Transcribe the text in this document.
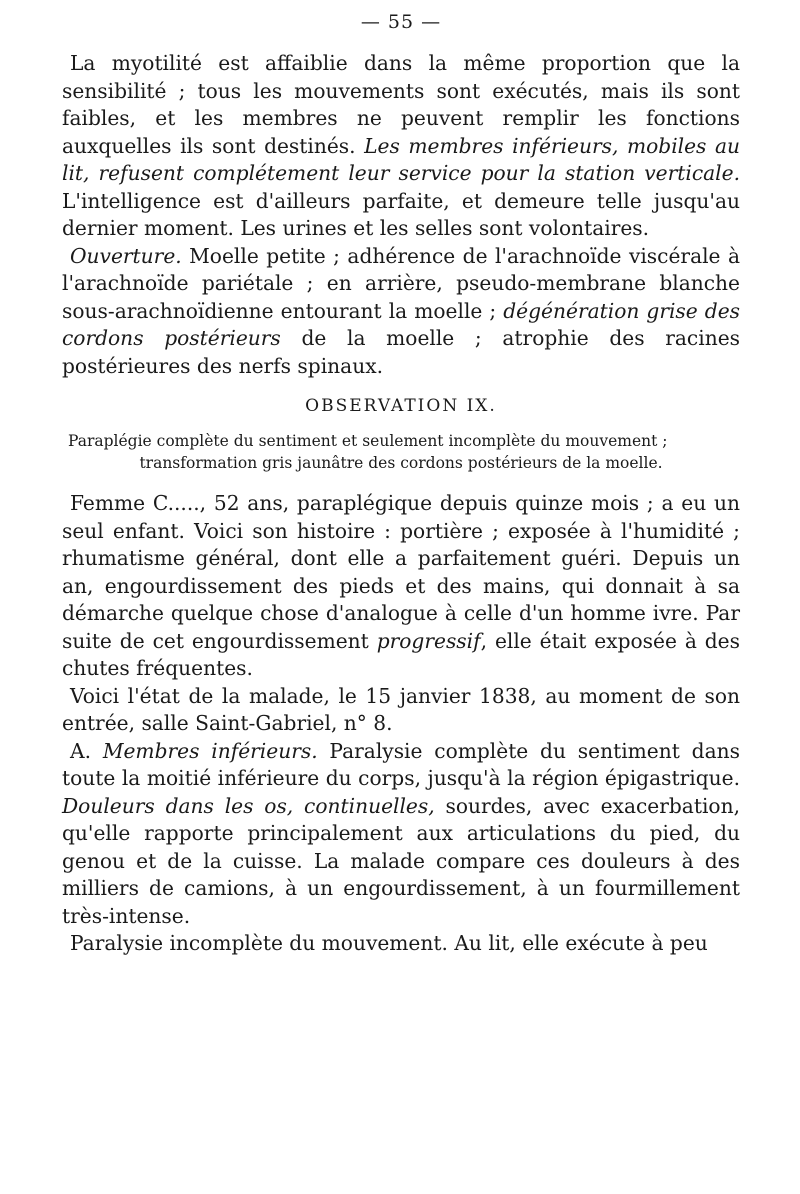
— 55 —

La myotilité est affaiblie dans la même proportion que la sensibilité ; tous les mouvements sont exécutés, mais ils sont faibles, et les membres ne peuvent remplir les fonctions auxquelles ils sont destinés. Les membres inférieurs, mobiles au lit, refusent complétement leur service pour la station verticale. L'intelligence est d'ailleurs parfaite, et demeure telle jusqu'au dernier moment. Les urines et les selles sont volontaires.

Ouverture. Moelle petite ; adhérence de l'arachnoïde viscérale à l'arachnoïde pariétale ; en arrière, pseudo-membrane blanche sous-arachnoïdienne entourant la moelle ; dégénération grise des cordons postérieurs de la moelle ; atrophie des racines postérieures des nerfs spinaux.

OBSERVATION IX.

Paraplégie complète du sentiment et seulement incomplète du mouvement ;
transformation gris jaunâtre des cordons postérieurs de la moelle.

Femme C....., 52 ans, paraplégique depuis quinze mois ; a eu un seul enfant. Voici son histoire : portière ; exposée à l'humidité ; rhumatisme général, dont elle a parfaitement guéri. Depuis un an, engourdissement des pieds et des mains, qui donnait à sa démarche quelque chose d'analogue à celle d'un homme ivre. Par suite de cet engourdissement progressif, elle était exposée à des chutes fréquentes.

Voici l'état de la malade, le 15 janvier 1838, au moment de son entrée, salle Saint-Gabriel, n° 8.

A. Membres inférieurs. Paralysie complète du sentiment dans toute la moitié inférieure du corps, jusqu'à la région épigastrique. Douleurs dans les os, continuelles, sourdes, avec exacerbation, qu'elle rapporte principalement aux articulations du pied, du genou et de la cuisse. La malade compare ces douleurs à des milliers de camions, à un engourdissement, à un fourmillement très-intense.

Paralysie incomplète du mouvement. Au lit, elle exécute à peu
